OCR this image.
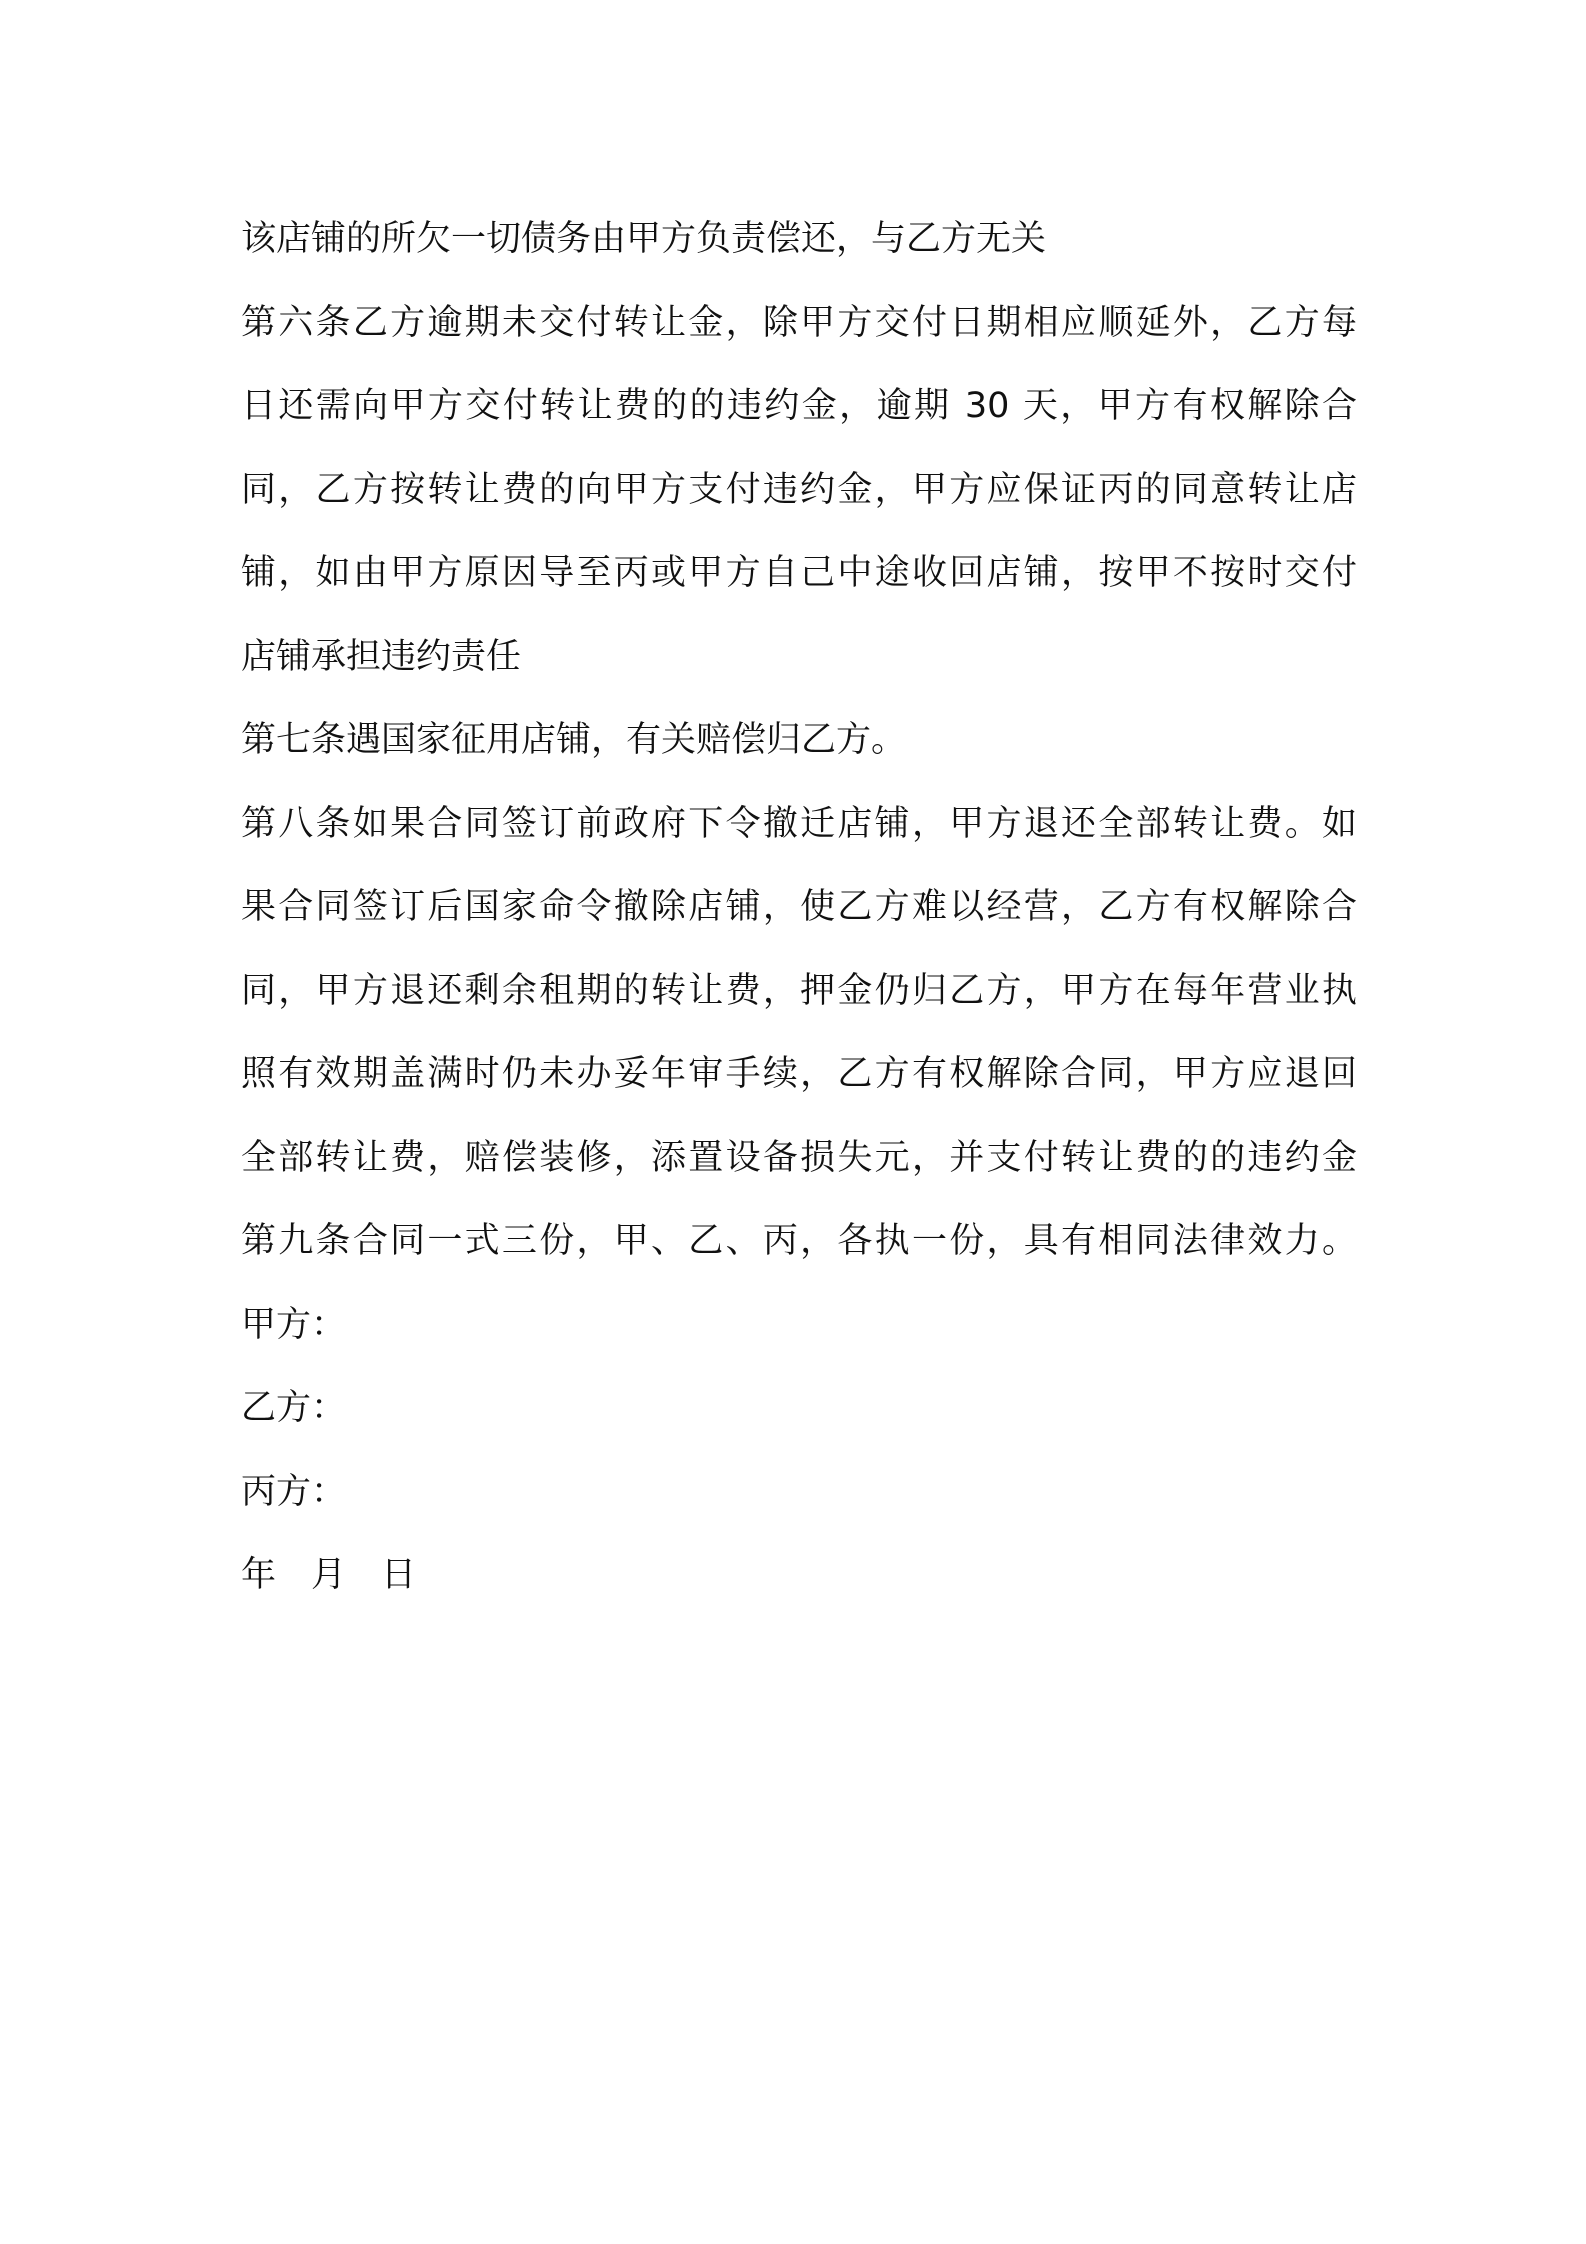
该店铺的所欠一切债务由甲方负责偿还，与乙方无关
第六条乙方逾期未交付转让金，除甲方交付日期相应顺延外，乙方每
日还需向甲方交付转让费的的违约金，逾期 30 天，甲方有权解除合
同，乙方按转让费的向甲方支付违约金，甲方应保证丙的同意转让店
铺，如由甲方原因导至丙或甲方自己中途收回店铺，按甲不按时交付
店铺承担违约责任
第七条遇国家征用店铺，有关赔偿归乙方。
第八条如果合同签订前政府下令撤迁店铺，甲方退还全部转让费。如
果合同签订后国家命令撤除店铺，使乙方难以经营，乙方有权解除合
同，甲方退还剩余租期的转让费，押金仍归乙方，甲方在每年营业执
照有效期盖满时仍未办妥年审手续，乙方有权解除合同，甲方应退回
全部转让费，赔偿装修，添置设备损失元，并支付转让费的的违约金
第九条合同一式三份，甲、乙、丙，各执一份，具有相同法律效力。
甲方：
乙方：
丙方：
年　月　日
